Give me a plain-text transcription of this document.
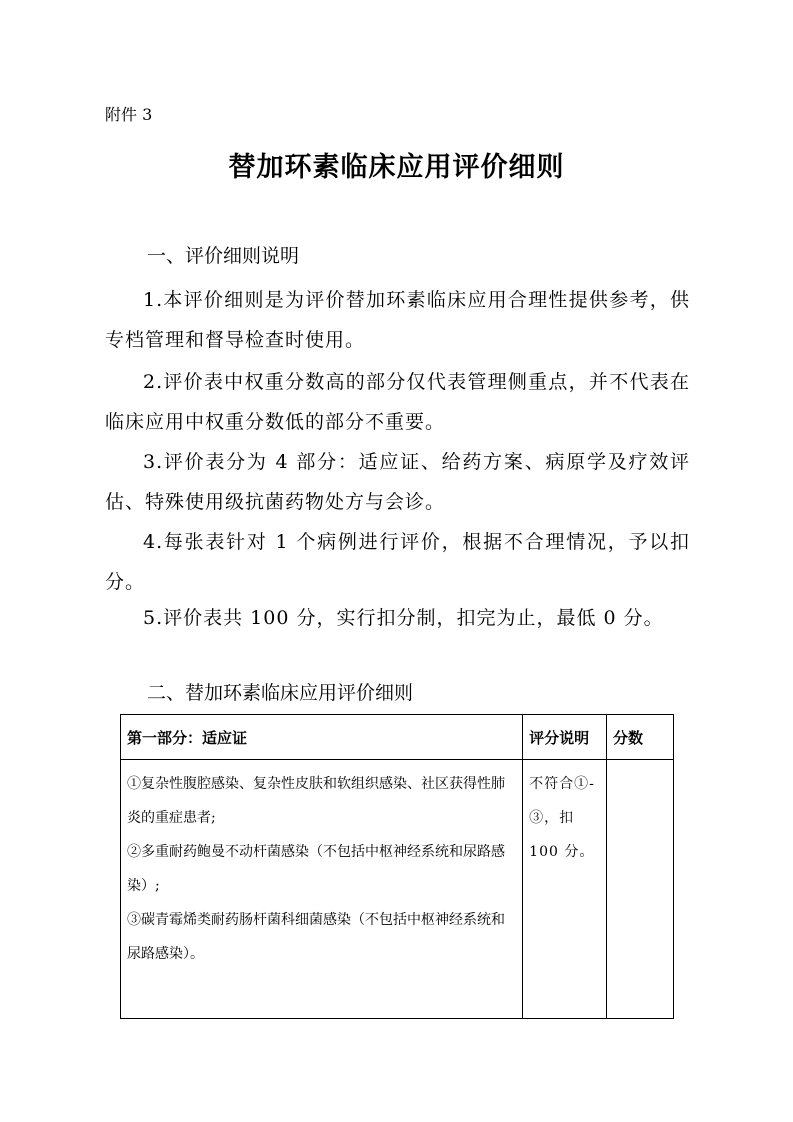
附件 3
替加环素临床应用评价细则
一、评价细则说明
1.本评价细则是为评价替加环素临床应用合理性提供参考，供专档管理和督导检查时使用。
2.评价表中权重分数高的部分仅代表管理侧重点，并不代表在临床应用中权重分数低的部分不重要。
3.评价表分为 4 部分：适应证、给药方案、病原学及疗效评估、特殊使用级抗菌药物处方与会诊。
4.每张表针对 1 个病例进行评价，根据不合理情况，予以扣分。
5.评价表共 100 分，实行扣分制，扣完为止，最低 0 分。
二、替加环素临床应用评价细则
第一部分：适应证	评分说明	分数

①复杂性腹腔感染、复杂性皮肤和软组织感染、社区获得性肺炎的重症患者;
②多重耐药鲍曼不动杆菌感染（不包括中枢神经系统和尿路感染）;
③碳青霉烯类耐药肠杆菌科细菌感染（不包括中枢神经系统和尿路感染）。	不符合①-③，扣 100 分。	
